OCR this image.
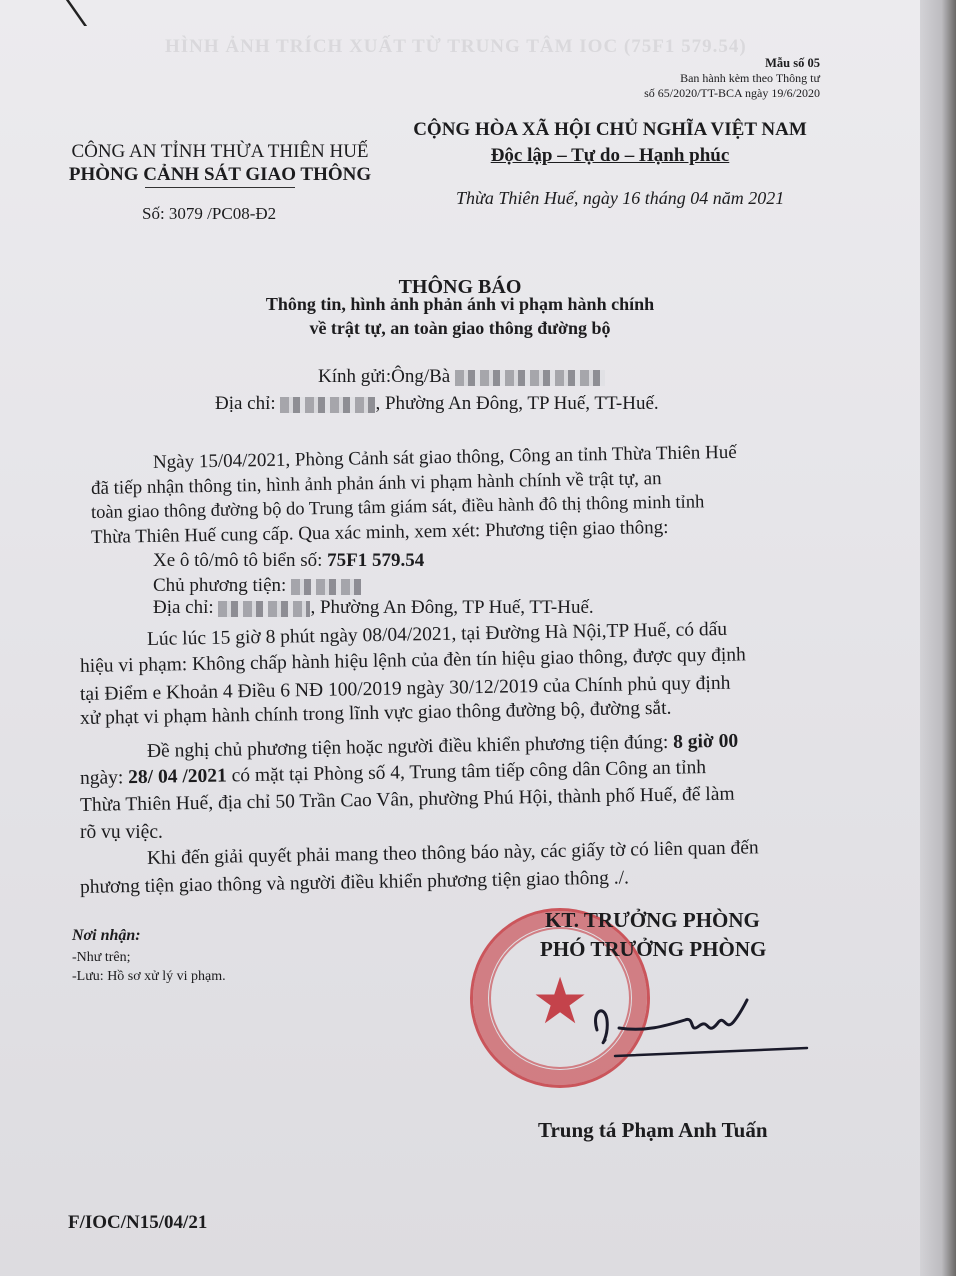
HÌNH ẢNH TRÍCH XUẤT TỪ TRUNG TÂM IOC (75F1 579.54)
Mẫu số 05
Ban hành kèm theo Thông tư
số 65/2020/TT-BCA ngày 19/6/2020
CÔNG AN TỈNH THỪA THIÊN HUẾ
PHÒNG CẢNH SÁT GIAO THÔNG
Số: 3079 /PC08-Đ2
CỘNG HÒA XÃ HỘI CHỦ NGHĨA VIỆT NAM
Độc lập – Tự do – Hạnh phúc
Thừa Thiên Huế, ngày 16 tháng 04 năm 2021
THÔNG BÁO
Thông tin, hình ảnh phản ánh vi phạm hành chính
về trật tự, an toàn giao thông đường bộ
Kính gửi:Ông/Bà
Địa chỉ:	, Phường An Đông, TP Huế, TT-Huế.
Ngày 15/04/2021, Phòng Cảnh sát giao thông, Công an tỉnh Thừa Thiên Huế
đã tiếp nhận thông tin, hình ảnh phản ánh vi phạm hành chính về trật tự, an
toàn giao thông đường bộ do Trung tâm giám sát, điều hành đô thị thông minh tỉnh
Thừa Thiên Huế cung cấp. Qua xác minh, xem xét: Phương tiện giao thông:
Xe ô tô/mô tô biển số: 75F1 579.54
Chủ phương tiện:
Địa chỉ:	, Phường An Đông, TP Huế, TT-Huế.
Lúc lúc 15 giờ 8 phút ngày 08/04/2021, tại Đường Hà Nội,TP Huế, có dấu
hiệu vi phạm: Không chấp hành hiệu lệnh của đèn tín hiệu giao thông, được quy định
tại Điểm e Khoản 4 Điều 6 NĐ 100/2019 ngày 30/12/2019 của Chính phủ quy định
xử phạt vi phạm hành chính trong lĩnh vực giao thông đường bộ, đường sắt.
Đề nghị chủ phương tiện hoặc người điều khiển phương tiện đúng: 8 giờ 00
ngày: 28/ 04 /2021 có mặt tại Phòng số 4, Trung tâm tiếp công dân Công an tỉnh
Thừa Thiên Huế, địa chỉ 50 Trần Cao Vân, phường Phú Hội, thành phố Huế, để làm
rõ vụ việc.
Khi đến giải quyết phải mang theo thông báo này, các giấy tờ có liên quan đến
phương tiện giao thông và người điều khiển phương tiện giao thông ./.
Nơi nhận:
-Như trên;
-Lưu: Hồ sơ xử lý vi phạm.	★
KT. TRƯỞNG PHÒNG
PHÓ TRƯỞNG PHÒNG
Trung tá Phạm Anh Tuấn
F/IOC/N15/04/21
